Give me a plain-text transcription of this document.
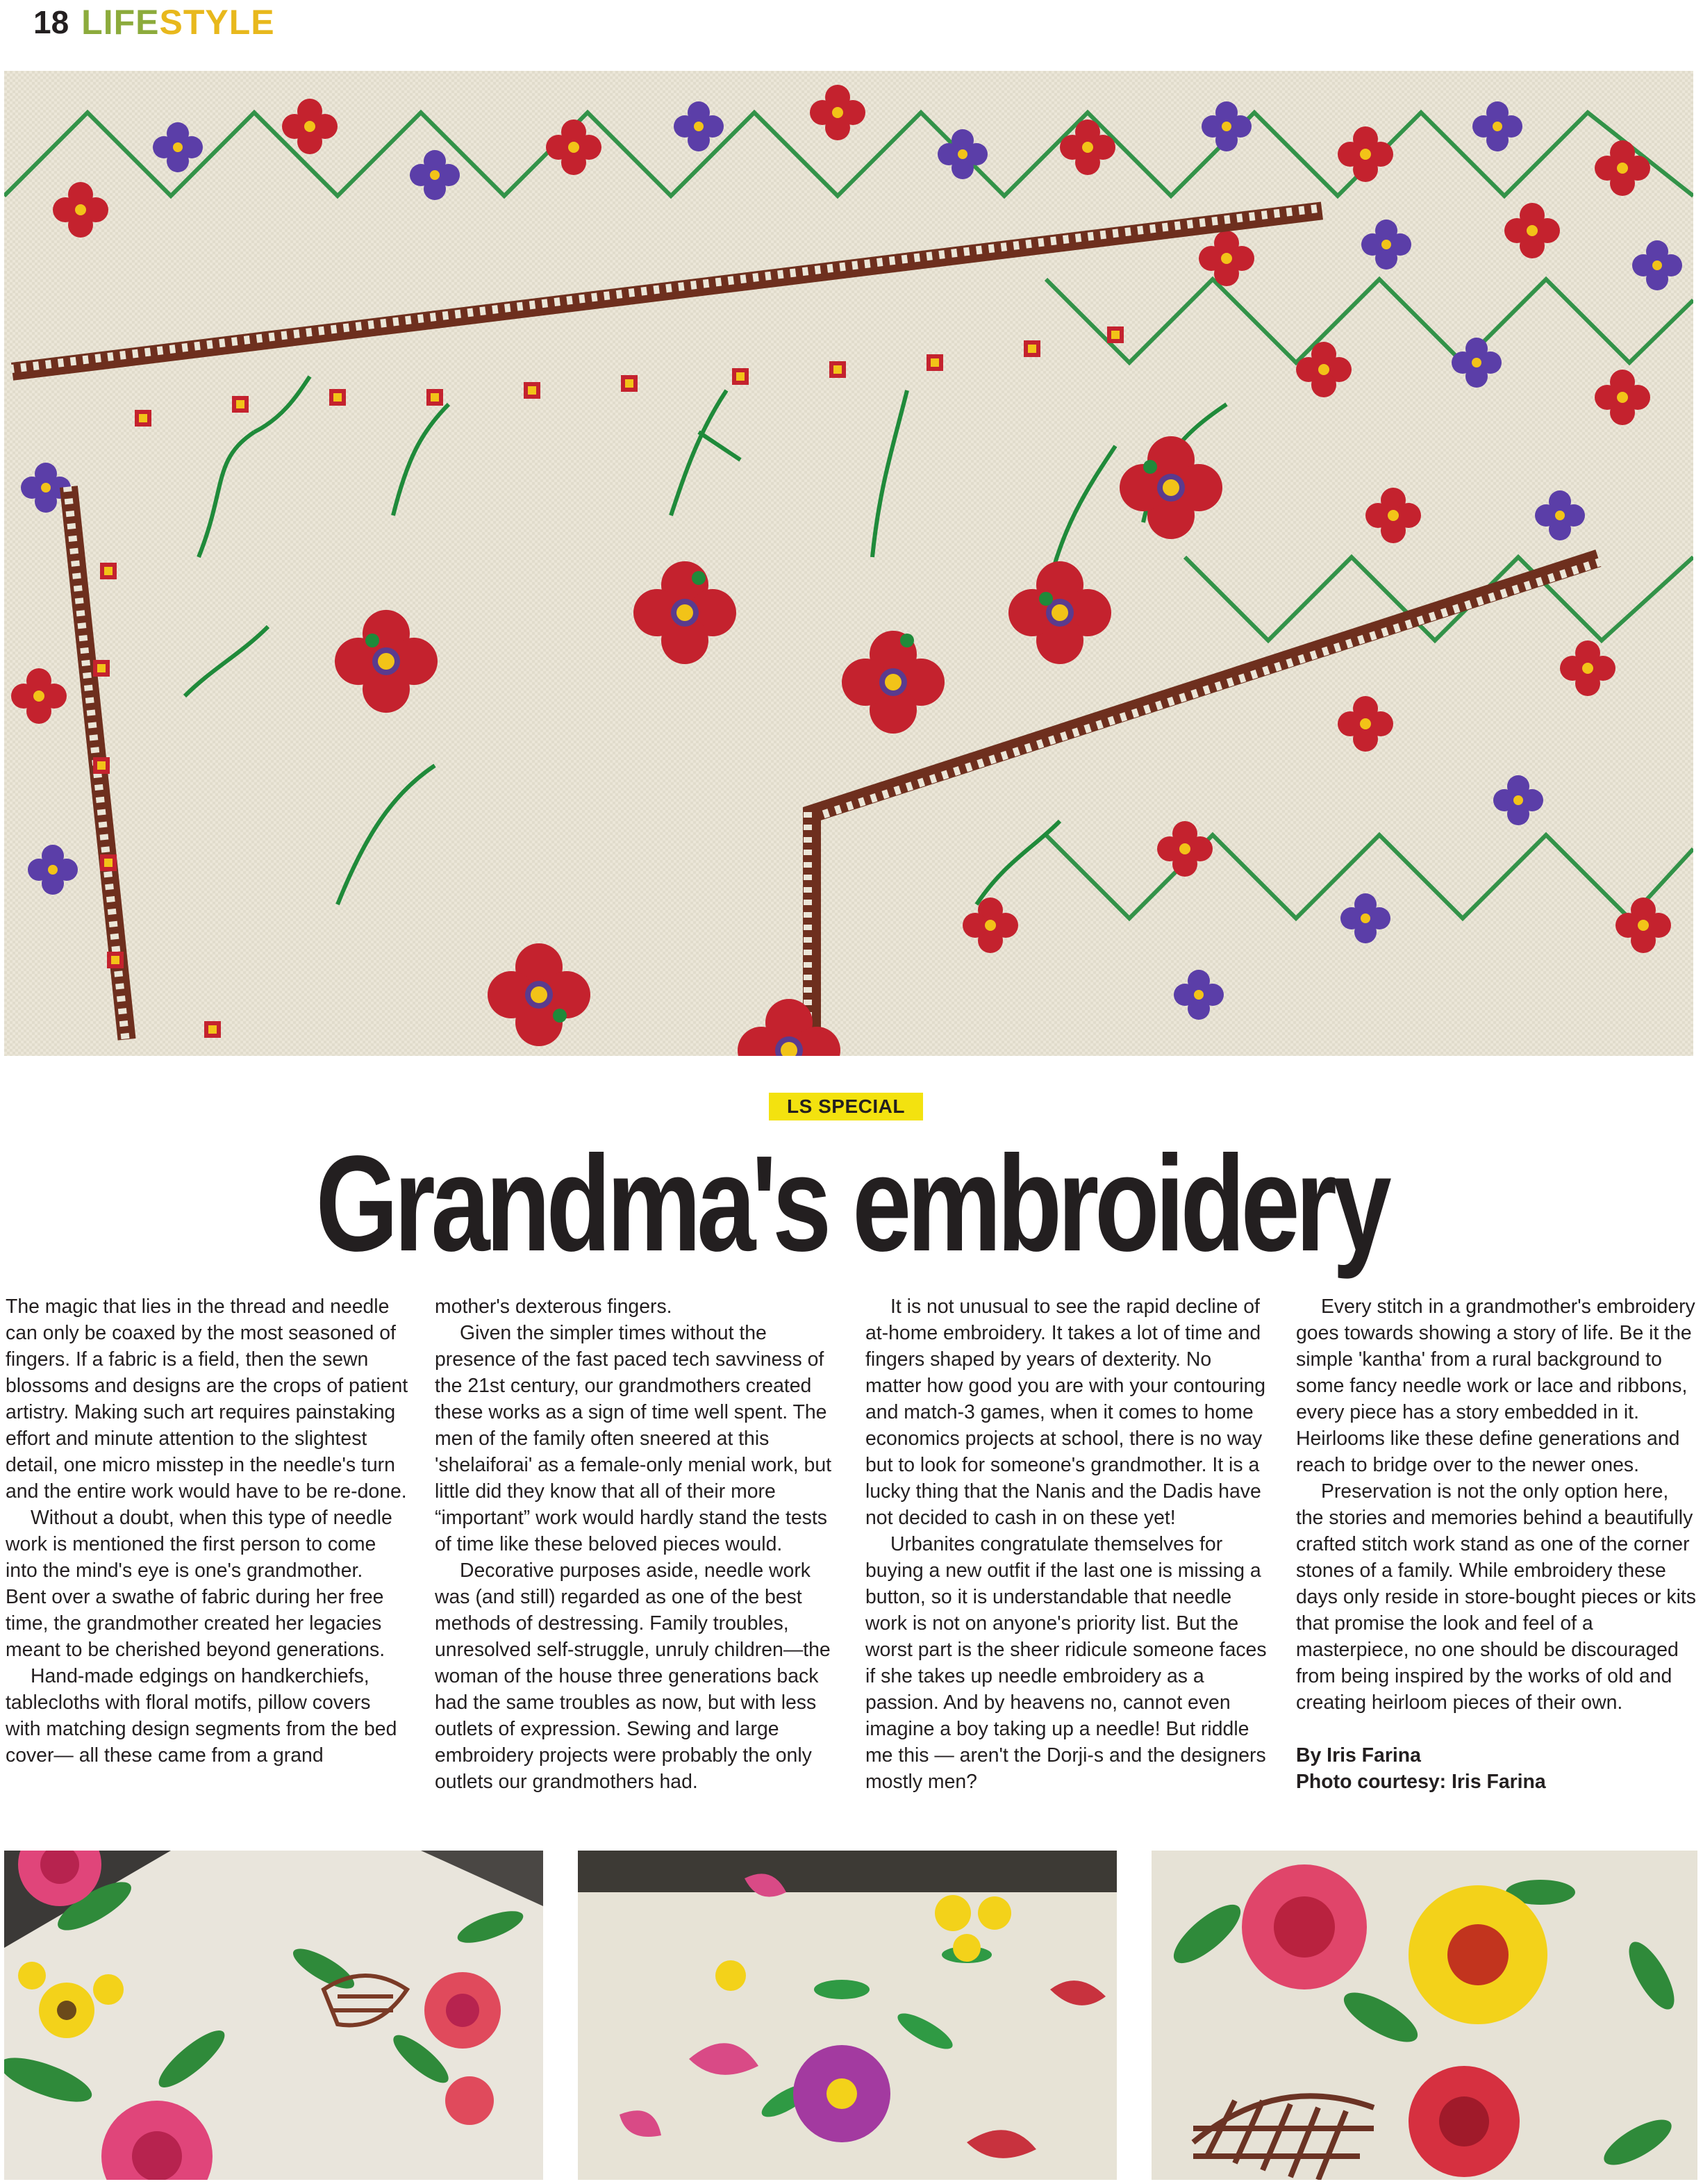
18 LIFESTYLE
LS SPECIAL
Grandma's embroidery

The magic that lies in the thread and needle can only be coaxed by the most seasoned of fingers. If a fabric is a field, then the sewn blossoms and designs are the crops of patient artistry. Making such art requires painstaking effort and minute attention to the slightest detail, one micro misstep in the needle's turn and the entire work would have to be re-done.

Without a doubt, when this type of needle work is mentioned the first person to come into the mind's eye is one's grandmother. Bent over a swathe of fabric during her free time, the grandmother created her legacies meant to be cherished beyond generations.

Hand-made edgings on handkerchiefs, tablecloths with floral motifs, pillow covers with matching design segments from the bed cover— all these came from a grand

mother's dexterous fingers.

Given the simpler times without the presence of the fast paced tech savviness of the 21st century, our grandmothers created these works as a sign of time well spent. The men of the family often sneered at this 'shelaiforai' as a female-only menial work, but little did they know that all of their more “important” work would hardly stand the tests of time like these beloved pieces would.

Decorative purposes aside, needle work was (and still) regarded as one of the best methods of destressing. Family troubles, unresolved self-struggle, unruly children—the woman of the house three generations back had the same troubles as now, but with less outlets of expression. Sewing and large embroidery projects were probably the only outlets our grandmothers had.

It is not unusual to see the rapid decline of at-home embroidery. It takes a lot of time and fingers shaped by years of dexterity. No matter how good you are with your contouring and match-3 games, when it comes to home economics projects at school, there is no way but to look for someone's grandmother. It is a lucky thing that the Nanis and the Dadis have not decided to cash in on these yet!

Urbanites congratulate themselves for buying a new outfit if the last one is missing a button, so it is understandable that needle work is not on anyone's priority list. But the worst part is the sheer ridicule someone faces if she takes up needle embroidery as a passion. And by heavens no, cannot even imagine a boy taking up a needle! But riddle me this — aren't the Dorji-s and the designers mostly men?

Every stitch in a grandmother's embroidery goes towards showing a story of life. Be it the simple 'kantha' from a rural background to some fancy needle work or lace and ribbons, every piece has a story embedded in it. Heirlooms like these define generations and reach to bridge over to the newer ones.

Preservation is not the only option here, the stories and memories behind a beautifully crafted stitch work stand as one of the corner stones of a family. While embroidery these days only reside in store-bought pieces or kits that promise the look and feel of a masterpiece, no one should be discouraged from being inspired by the works of old and creating heirloom pieces of their own.

By Iris Farina
Photo courtesy: Iris Farina
